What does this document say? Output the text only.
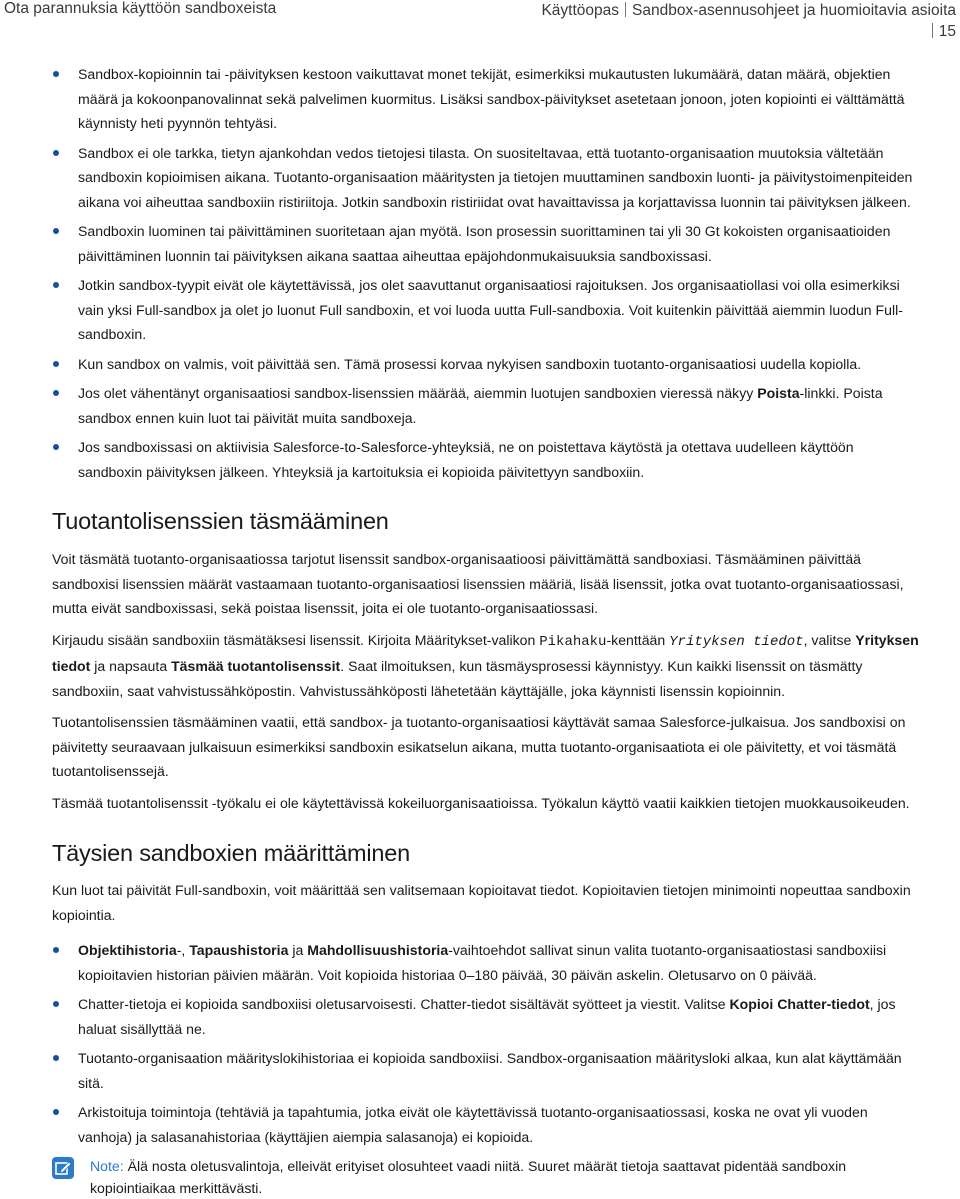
Ota parannuksia käyttöön sandboxeista	Käyttöopas Sandbox-asennusohjeet ja huomioitavia asioita15
Sandbox-kopioinnin tai -päivityksen kestoon vaikuttavat monet tekijät, esimerkiksi mukautusten lukumäärä, datan määrä, objektien määrä ja kokoonpanovalinnat sekä palvelimen kuormitus. Lisäksi sandbox-päivitykset asetetaan jonoon, joten kopiointi ei välttämättä käynnisty heti pyynnön tehtyäsi.
Sandbox ei ole tarkka, tietyn ajankohdan vedos tietojesi tilasta. On suositeltavaa, että tuotanto-organisaation muutoksia vältetään sandboxin kopioimisen aikana. Tuotanto-organisaation määritysten ja tietojen muuttaminen sandboxin luonti- ja päivitystoimenpiteiden aikana voi aiheuttaa sandboxiin ristiriitoja. Jotkin sandboxin ristiriidat ovat havaittavissa ja korjattavissa luonnin tai päivityksen jälkeen.
Sandboxin luominen tai päivittäminen suoritetaan ajan myötä. Ison prosessin suorittaminen tai yli 30 Gt kokoisten organisaatioiden päivittäminen luonnin tai päivityksen aikana saattaa aiheuttaa epäjohdonmukaisuuksia sandboxissasi.
Jotkin sandbox-tyypit eivät ole käytettävissä, jos olet saavuttanut organisaatiosi rajoituksen. Jos organisaatiollasi voi olla esimerkiksi vain yksi Full-sandbox ja olet jo luonut Full sandboxin, et voi luoda uutta Full-sandboxia. Voit kuitenkin päivittää aiemmin luodun Full-sandboxin.
Kun sandbox on valmis, voit päivittää sen. Tämä prosessi korvaa nykyisen sandboxin tuotanto-organisaatiosi uudella kopiolla.
Jos olet vähentänyt organisaatiosi sandbox-lisenssien määrää, aiemmin luotujen sandboxien vieressä näkyy Poista-linkki. Poista sandbox ennen kuin luot tai päivität muita sandboxeja.
Jos sandboxissasi on aktiivisia Salesforce-to-Salesforce-yhteyksiä, ne on poistettava käytöstä ja otettava uudelleen käyttöön sandboxin päivityksen jälkeen. Yhteyksiä ja kartoituksia ei kopioida päivitettyyn sandboxiin.
Tuotantolisenssien täsmääminen

Voit täsmätä tuotanto-organisaatiossa tarjotut lisenssit sandbox-organisaatioosi päivittämättä sandboxiasi. Täsmääminen päivittää sandboxisi lisenssien määrät vastaamaan tuotanto-organisaatiosi lisenssien määriä, lisää lisenssit, jotka ovat tuotanto-organisaatiossasi, mutta eivät sandboxissasi, sekä poistaa lisenssit, joita ei ole tuotanto-organisaatiossasi.

Kirjaudu sisään sandboxiin täsmätäksesi lisenssit. Kirjoita Määritykset-valikon Pikahaku-kenttään Yrityksen tiedot, valitse Yrityksen tiedot ja napsauta Täsmää tuotantolisenssit. Saat ilmoituksen, kun täsmäysprosessi käynnistyy. Kun kaikki lisenssit on täsmätty sandboxiin, saat vahvistussähköpostin. Vahvistussähköposti lähetetään käyttäjälle, joka käynnisti lisenssin kopioinnin.

Tuotantolisenssien täsmääminen vaatii, että sandbox- ja tuotanto-organisaatiosi käyttävät samaa Salesforce-julkaisua. Jos sandboxisi on päivitetty seuraavaan julkaisuun esimerkiksi sandboxin esikatselun aikana, mutta tuotanto-organisaatiota ei ole päivitetty, et voi täsmätä tuotantolisenssejä.

Täsmää tuotantolisenssit -työkalu ei ole käytettävissä kokeiluorganisaatioissa. Työkalun käyttö vaatii kaikkien tietojen muokkausoikeuden.

Täysien sandboxien määrittäminen

Kun luot tai päivität Full-sandboxin, voit määrittää sen valitsemaan kopioitavat tiedot. Kopioitavien tietojen minimointi nopeuttaa sandboxin kopiointia.

Objektihistoria-, Tapaushistoria ja Mahdollisuushistoria-vaihtoehdot sallivat sinun valita tuotanto-organisaatiostasi sandboxiisi kopioitavien historian päivien määrän. Voit kopioida historiaa 0–180 päivää, 30 päivän askelin. Oletusarvo on 0 päivää.
Chatter-tietoja ei kopioida sandboxiisi oletusarvoisesti. Chatter-tiedot sisältävät syötteet ja viestit. Valitse Kopioi Chatter-tiedot, jos haluat sisällyttää ne.
Tuotanto-organisaation määrityslokihistoriaa ei kopioida sandboxiisi. Sandbox-organisaation määritysloki alkaa, kun alat käyttämään sitä.
Arkistoituja toimintoja (tehtäviä ja tapahtumia, jotka eivät ole käytettävissä tuotanto-organisaatiossasi, koska ne ovat yli vuoden vanhoja) ja salasanahistoriaa (käyttäjien aiempia salasanoja) ei kopioida.
Note: Älä nosta oletusvalintoja, elleivät erityiset olosuhteet vaadi niitä. Suuret määrät tietoja saattavat pidentää sandboxin kopiointiaikaa merkittävästi.
